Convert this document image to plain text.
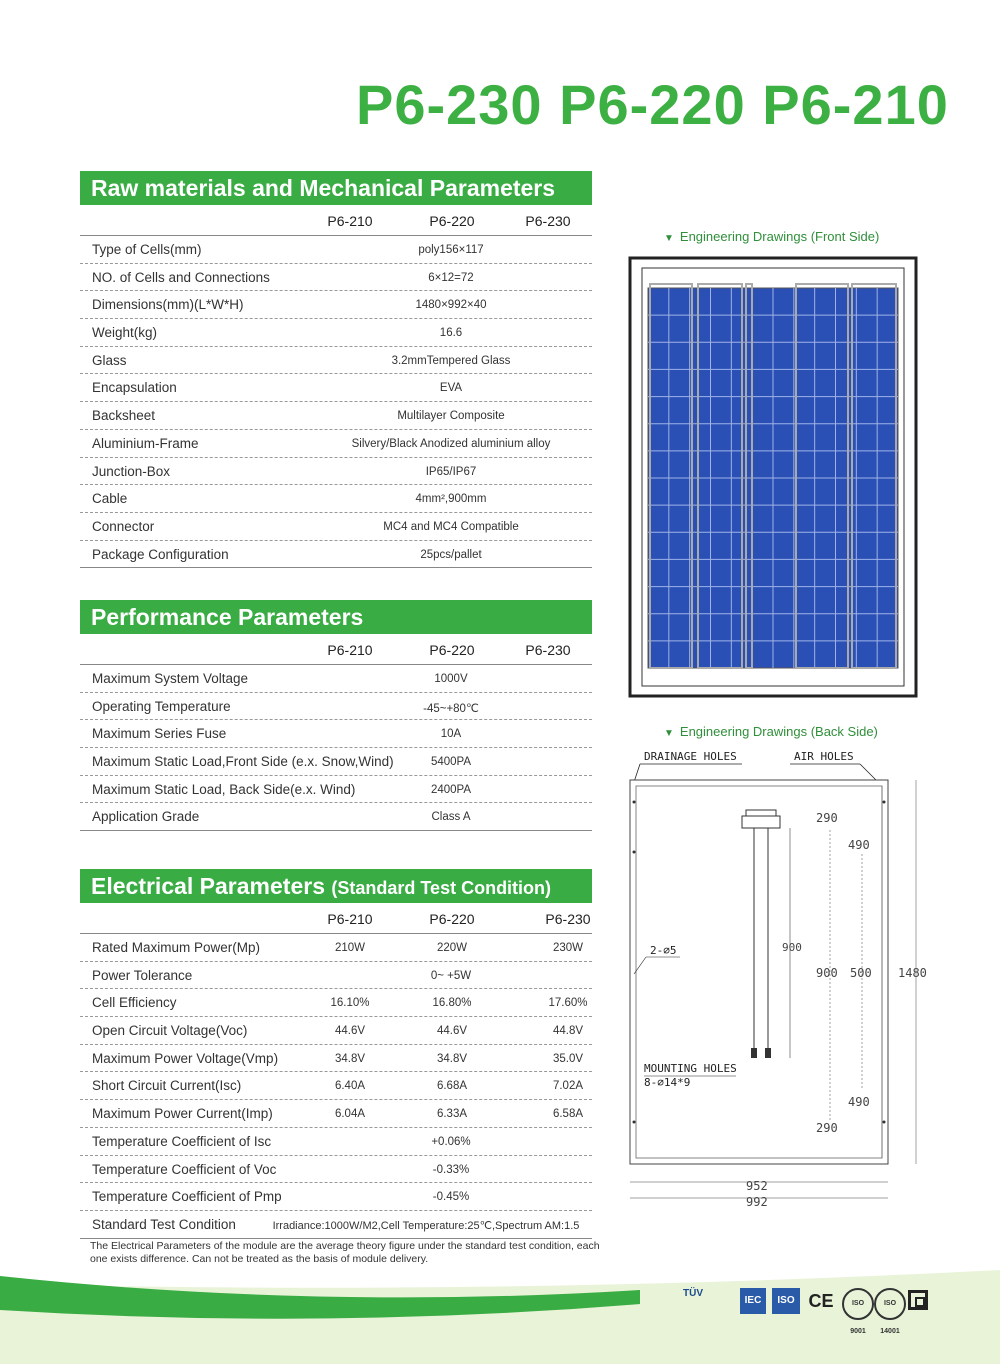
P6-230 P6-220 P6-210
Raw materials and Mechanical Parameters
P6-210	P6-220	P6-230
Type of Cells(mm)	poly156×117
NO. of Cells and Connections	6×12=72
Dimensions(mm)(L*W*H)	1480×992×40
Weight(kg)	16.6
Glass	3.2mmTempered Glass
Encapsulation	EVA
Backsheet	Multilayer Composite
Aluminium-Frame	Silvery/Black Anodized aluminium alloy
Junction-Box	IP65/IP67
Cable	4mm²,900mm
Connector	MC4 and MC4 Compatible
Package Configuration	25pcs/pallet
Performance Parameters
P6-210	P6-220	P6-230
Maximum System Voltage	1000V
Operating Temperature	-45~+80℃
Maximum Series Fuse	10A
Maximum Static Load,Front Side (e.x. Snow,Wind)	5400PA
Maximum Static Load, Back Side(e.x. Wind)	2400PA
Application Grade	Class A
Electrical Parameters (Standard Test Condition)
P6-210	P6-220	P6-230
Rated Maximum Power(Mp)	210W	220W	230W
Power Tolerance	0~ +5W
Cell Efficiency	16.10%	16.80%	17.60%
Open Circuit Voltage(Voc)	44.6V	44.6V	44.8V
Maximum Power Voltage(Vmp)	34.8V	34.8V	35.0V
Short Circuit Current(Isc)	6.40A	6.68A	7.02A
Maximum Power Current(Imp)	6.04A	6.33A	6.58A
Temperature Coefficient of Isc	+0.06%
Temperature Coefficient of Voc	-0.33%
Temperature Coefficient of Pmp	-0.45%
Standard Test Condition	Irradiance:1000W/M2,Cell Temperature:25℃,Spectrum AM:1.5
The Electrical Parameters of the module are the average theory figure under the standard test condition, each one exists difference. Can not be treated as the basis of module delivery.
▼ Engineering Drawings (Front Side)
▼ Engineering Drawings (Back Side)
DRAINAGE HOLES	AIR HOLES
900
290
490
900 500 1480
490
290
2-⌀5
MOUNTING HOLES
8-⌀14*9
952
992
TÜV
IEC	ISO CE	ISO 9001
ISO 14001
